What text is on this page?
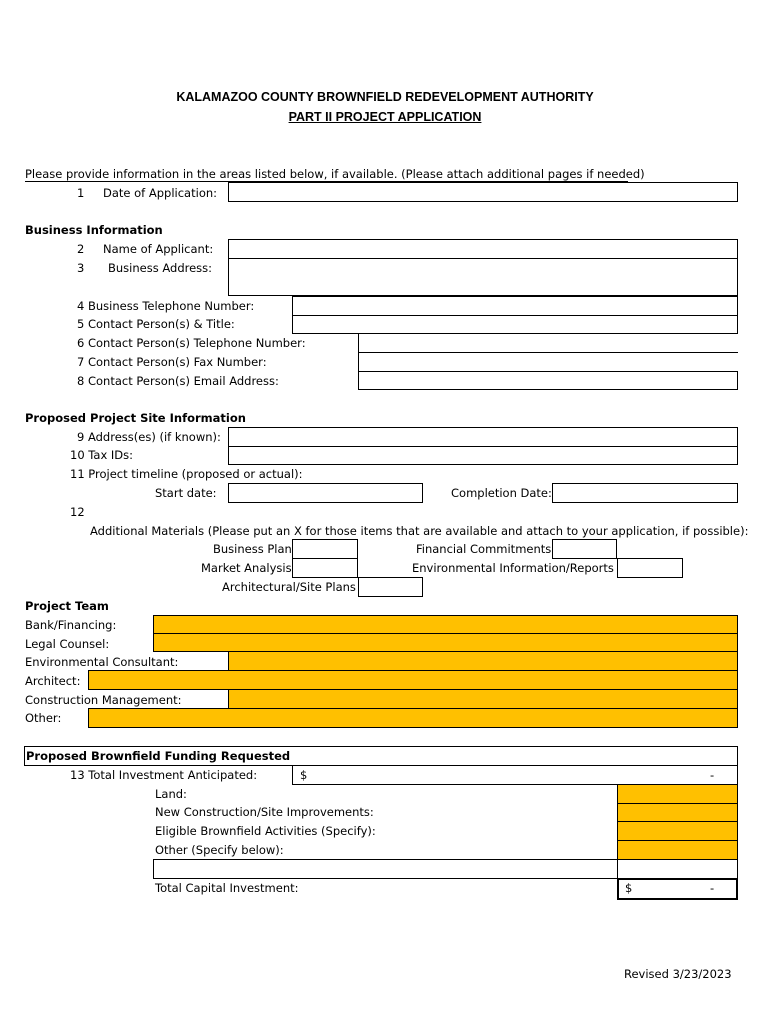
KALAMAZOO COUNTY BROWNFIELD REDEVELOPMENT AUTHORITY
PART II PROJECT APPLICATION
Please provide information in the areas listed below, if available. (Please attach additional pages if needed)
1 Date of Application:
Business Information
2 Name of Applicant:
3 Business Address:
4 Business Telephone Number:
5 Contact Person(s) & Title:
6 Contact Person(s) Telephone Number:
7 Contact Person(s) Fax Number:
8 Contact Person(s) Email Address:
Proposed Project Site Information
9 Address(es) (if known):
10 Tax IDs:
11 Project timeline (proposed or actual):
Start date:	Completion Date:
12
Additional Materials (Please put an X for those items that are available and attach to your application, if possible):
Business Plan	Financial Commitments
Market Analysis	Environmental Information/Reports
Architectural/Site Plans
Project Team
Bank/Financing:
Legal Counsel:
Environmental Consultant:
Architect:
Construction Management:
Other:
Proposed Brownfield Funding Requested
13 Total Investment Anticipated:	$	-
Land:
New Construction/Site Improvements:
Eligible Brownfield Activities (Specify):
Other (Specify below):
Total Capital Investment:	$	-
Revised 3/23/2023
